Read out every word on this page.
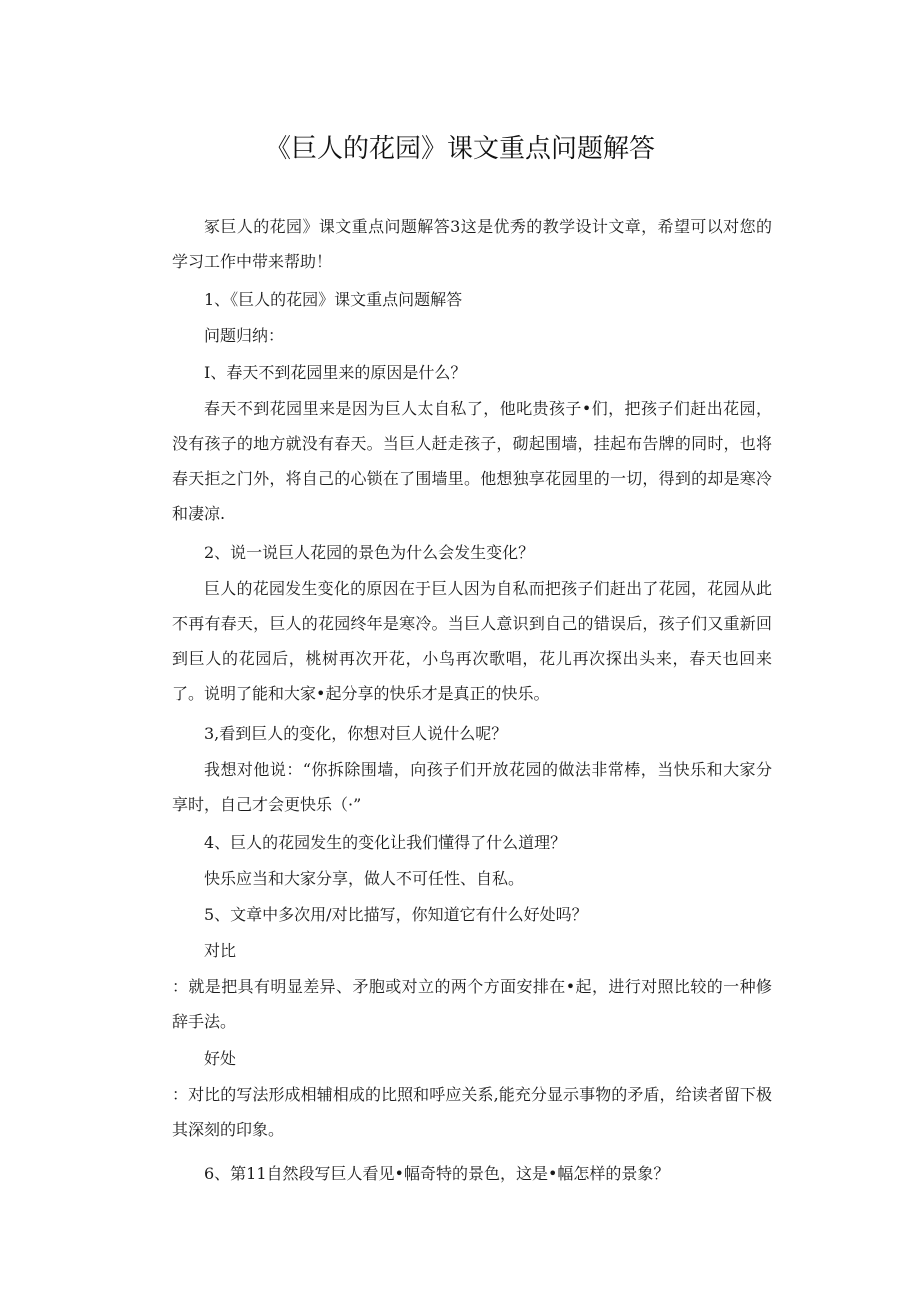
《巨人的花园》课文重点问题解答

冢巨人的花园》课文重点问题解答3这是优秀的教学设计文章，希望可以对您的学习工作中带来帮助！

1、《巨人的花园》课文重点问题解答

问题归纳：

I、春天不到花园里来的原因是什么？

春天不到花园里来是因为巨人太自私了，他叱贵孩子•们，把孩子们赶出花园，没有孩子的地方就没有春天。当巨人赶走孩子，砌起围墙，挂起布告牌的同时，也将春天拒之门外，将自己的心锁在了围墙里。他想独享花园里的一切，得到的却是寒冷和凄凉.

2、说一说巨人花园的景色为什么会发生变化？

巨人的花园发生变化的原因在于巨人因为自私而把孩子们赶出了花园，花园从此不再有春天，巨人的花园终年是寒冷。当巨人意识到自己的错误后，孩子们又重新回到巨人的花园后，桃树再次开花，小鸟再次歌唱，花儿再次探出头来，春天也回来了。说明了能和大家•起分享的快乐才是真正的快乐。

3,看到巨人的变化，你想对巨人说什么呢？

我想对他说：“你拆除围墙，向孩子们开放花园的做法非常棒，当快乐和大家分享时，自己才会更快乐（·”

4、巨人的花园发生的变化让我们懂得了什么道理？

快乐应当和大家分享，做人不可任性、自私。

5、文章中多次用/对比描写，你知道它有什么好处吗？

对比

：就是把具有明显差异、矛胞或对立的两个方面安排在•起，进行对照比较的一种修辞手法。

好处

：对比的写法形成相辅相成的比照和呼应关系,能充分显示事物的矛盾，给读者留下极其深刻的印象。

6、第11自然段写巨人看见•幅奇特的景色，这是•幅怎样的景象？
